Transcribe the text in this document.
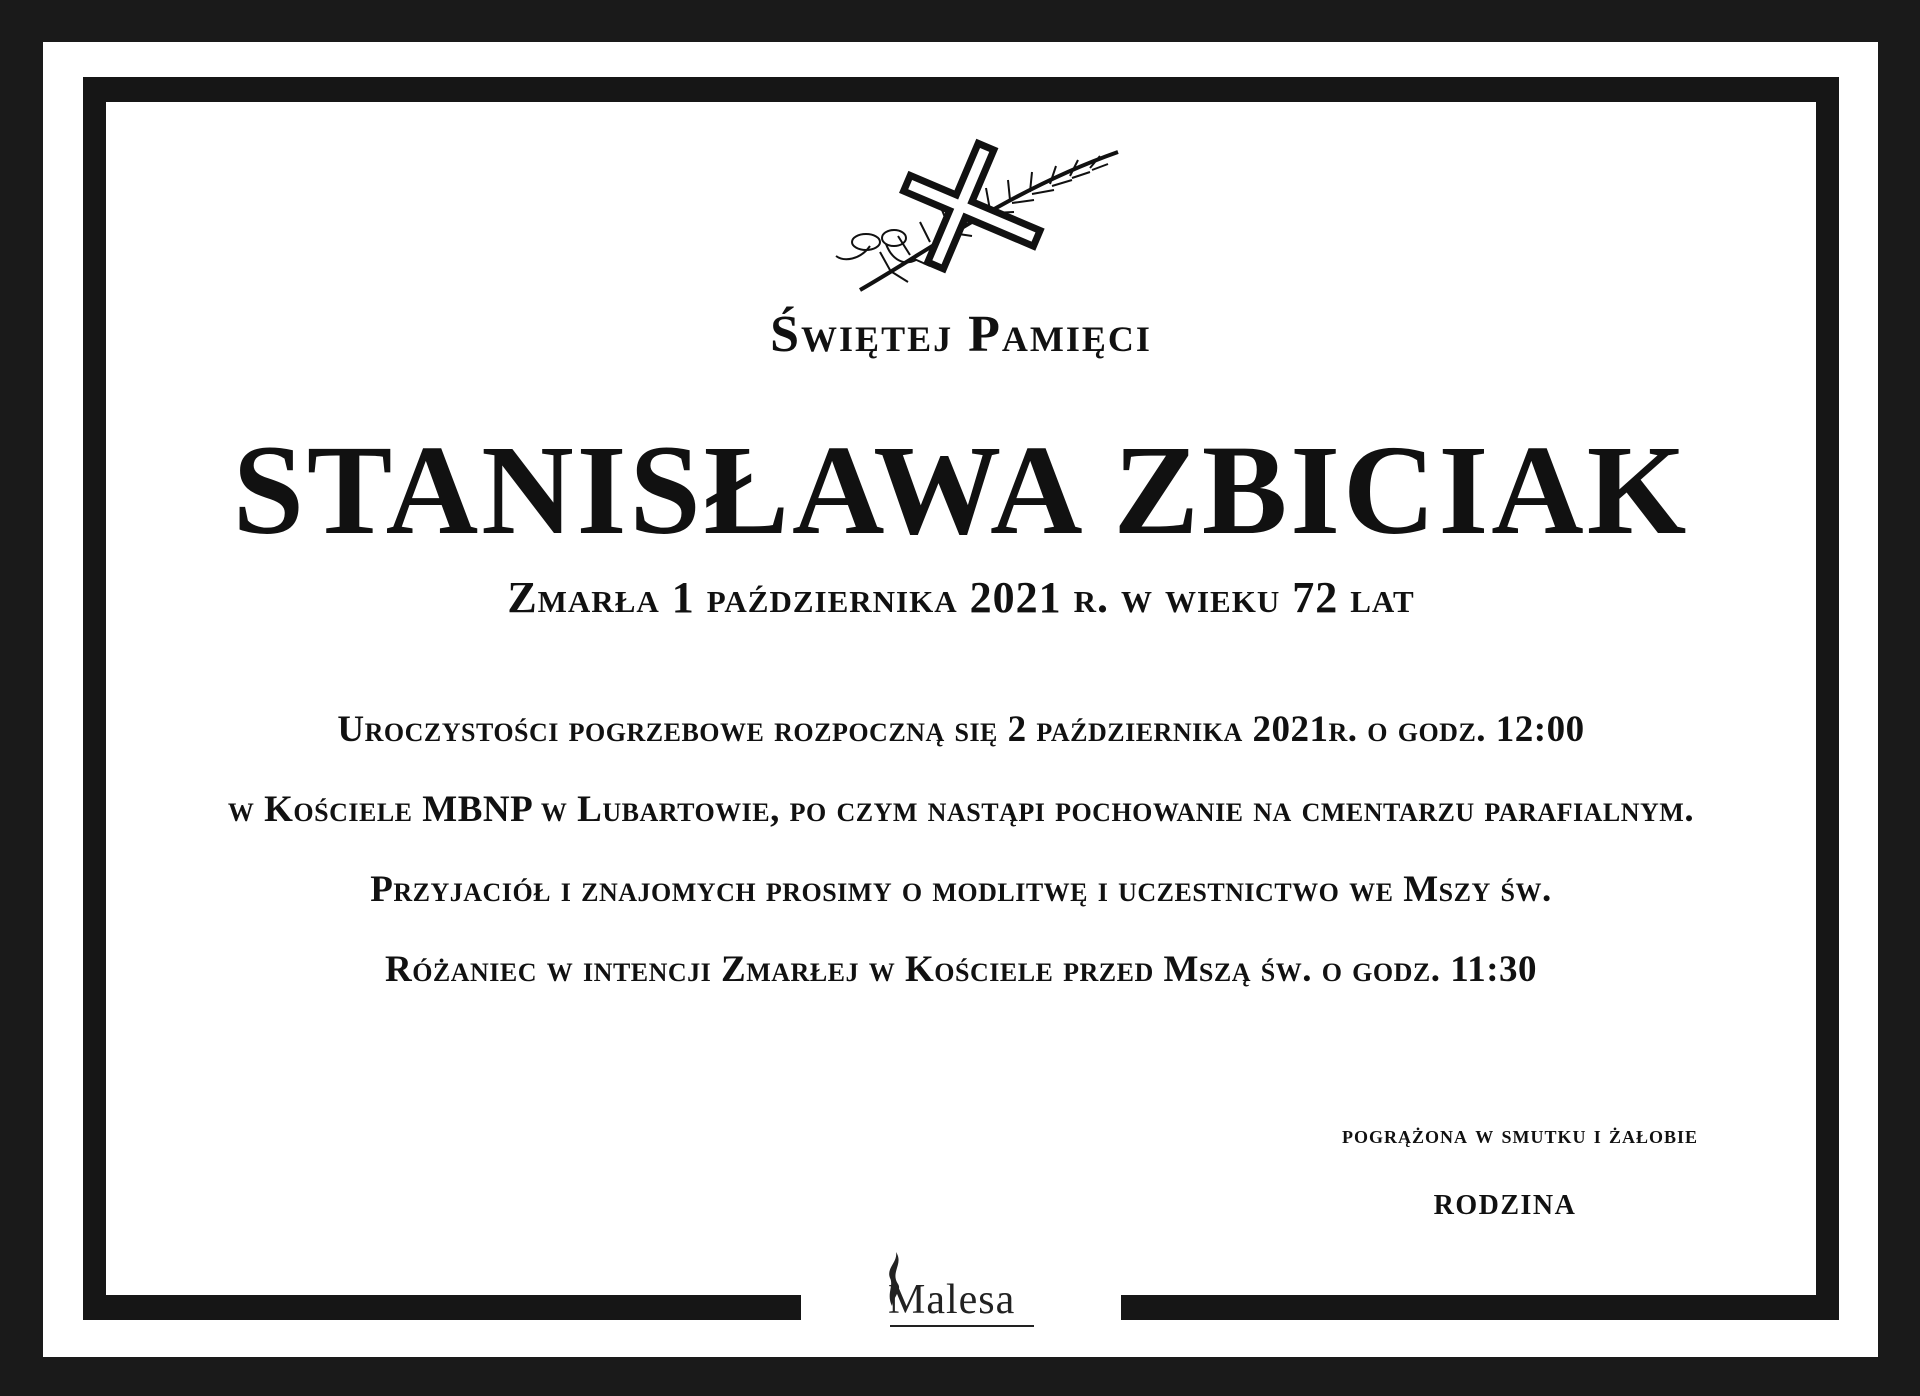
Świętej Pamięci
STANISŁAWA ZBICIAK

Zmarła 1 października 2021 r. w wieku 72 lat

Uroczystości pogrzebowe rozpoczną się 2 października 2021r. o godz. 12:00
w Kościele MBNP w Lubartowie, po czym nastąpi pochowanie na cmentarzu parafialnym.
Przyjaciół i znajomych prosimy o modlitwę i uczestnictwo we Mszy św.
Różaniec w intencji Zmarłej w Kościele przed Mszą św. o godz. 11:30

pogrążona w smutku i żałobie

RODZINA

Malesa
